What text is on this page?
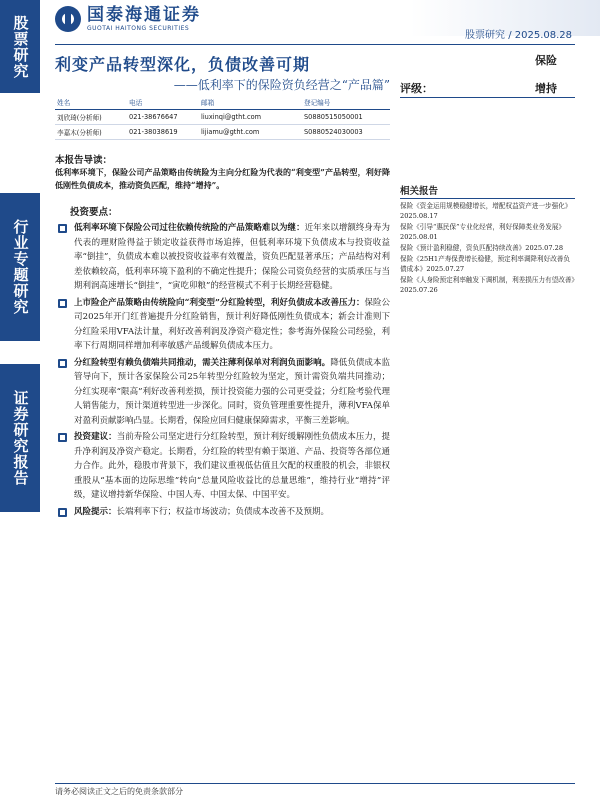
股票研究
行业专题研究
证券研究报告
国泰海通证券
GUOTAI HAITONG SECURITIES
股票研究 / 2025.08.28
利变产品转型深化，负债改善可期
——低利率下的保险资负经营之“产品篇”
保险
评级：	增持
姓名	电话	邮箱	登记编号
刘欣琦(分析师)	021-38676647	liuxinqi@gtht.com	S0880515050001
李嘉木(分析师)	021-38038619	lijiamu@gtht.com	S0880524030003
本报告导读：
低利率环境下，保险公司产品策略由传统险为主向分红险为代表的“利变型”产品转型，利好降低刚性负债成本，推动资负匹配，维持“增持”。
投资要点：
低利率环境下保险公司过往依赖传统险的产品策略难以为继：近年来以增额终身寿为代表的理财险得益于锁定收益获得市场追捧，但低利率环境下负债成本与投资收益率“倒挂”，负债成本难以被投资收益率有效覆盖，资负匹配显著承压；产品结构对利差依赖较高，低利率环境下盈利的不确定性提升；保险公司资负经营的实质承压与当期利润高速增长“倒挂”，“寅吃卯粮”的经营模式不利于长期经营稳健。
上市险企产品策略由传统险向“利变型”分红险转型，利好负债成本改善压力：保险公司2025年开门红普遍提升分红险销售，预计利好降低刚性负债成本；新会计准则下分红险采用VFA法计量，利好改善利润及净资产稳定性；参考海外保险公司经验，利率下行周期同样增加利率敏感产品缓解负债成本压力。
分红险转型有赖负债端共同推动，需关注薄利保单对利润负面影响。降低负债成本监管导向下，预计各家保险公司25年转型分红险较为坚定，预计需资负端共同推动；分红实现率“限高”利好改善利差损，预计投资能力强的公司更受益；分红险考验代理人销售能力，预计渠道转型进一步深化。同时，资负管理重要性提升，薄利VFA保单对盈利贡献影响凸显。长期看，保险应回归健康保障需求，平衡三差影响。
投资建议：当前寿险公司坚定进行分红险转型，预计利好缓解刚性负债成本压力，提升净利润及净资产稳定。长期看，分红险的转型有赖于渠道、产品、投资等各部位通力合作。此外，稳股市背景下，我们建议重视低估值且欠配的权重股的机会，非银权重股从“基本面的边际思维”转向“总量风险收益比的总量思维”，维持行业“增持”评级，建议增持新华保险、中国人寿、中国太保、中国平安。
风险提示：长端利率下行；权益市场波动；负债成本改善不及预期。
相关报告
保险《资金运用规模稳健增长，增配权益资产进一步强化》2025.08.17
保险《引导“惠民保”专业化经营，利好保障类业务发展》2025.08.01
保险《预计盈利稳健，资负匹配持续改善》2025.07.28
保险《25H1产寿保费增长稳健，预定利率调降利好改善负债成本》2025.07.27
保险《人身险预定利率触发下调机制，利差损压力有望改善》2025.07.26
请务必阅读正文之后的免责条款部分
